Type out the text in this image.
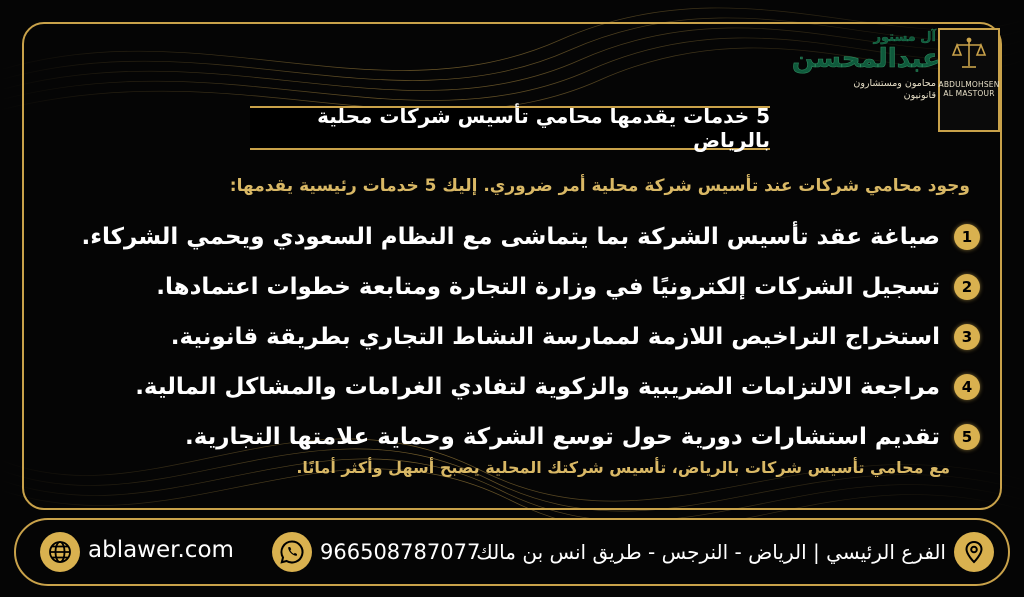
ABDULMOHSEN AL MASTOUR
آل مستور
عبدالمحسن
محامون ومستشارون قانونيون
5 خدمات يقدمها محامي تأسيس شركات محلية بالرياض
وجود محامي شركات عند تأسيس شركة محلية أمر ضروري. إليك 5 خدمات رئيسية يقدمها:
1
صياغة عقد تأسيس الشركة بما يتماشى مع النظام السعودي ويحمي الشركاء.
2
تسجيل الشركات إلكترونيًا في وزارة التجارة ومتابعة خطوات اعتمادها.
3
استخراج التراخيص اللازمة لممارسة النشاط التجاري بطريقة قانونية.
4
مراجعة الالتزامات الضريبية والزكوية لتفادي الغرامات والمشاكل المالية.
5
تقديم استشارات دورية حول توسع الشركة وحماية علامتها التجارية.
مع محامي تأسيس شركات بالرياض، تأسيس شركتك المحلية يصبح أسهل وأكثر أمانًا.
الفرع الرئيسي | الرياض - النرجس - طريق انس بن مالك
966508787077
ablawer.com
